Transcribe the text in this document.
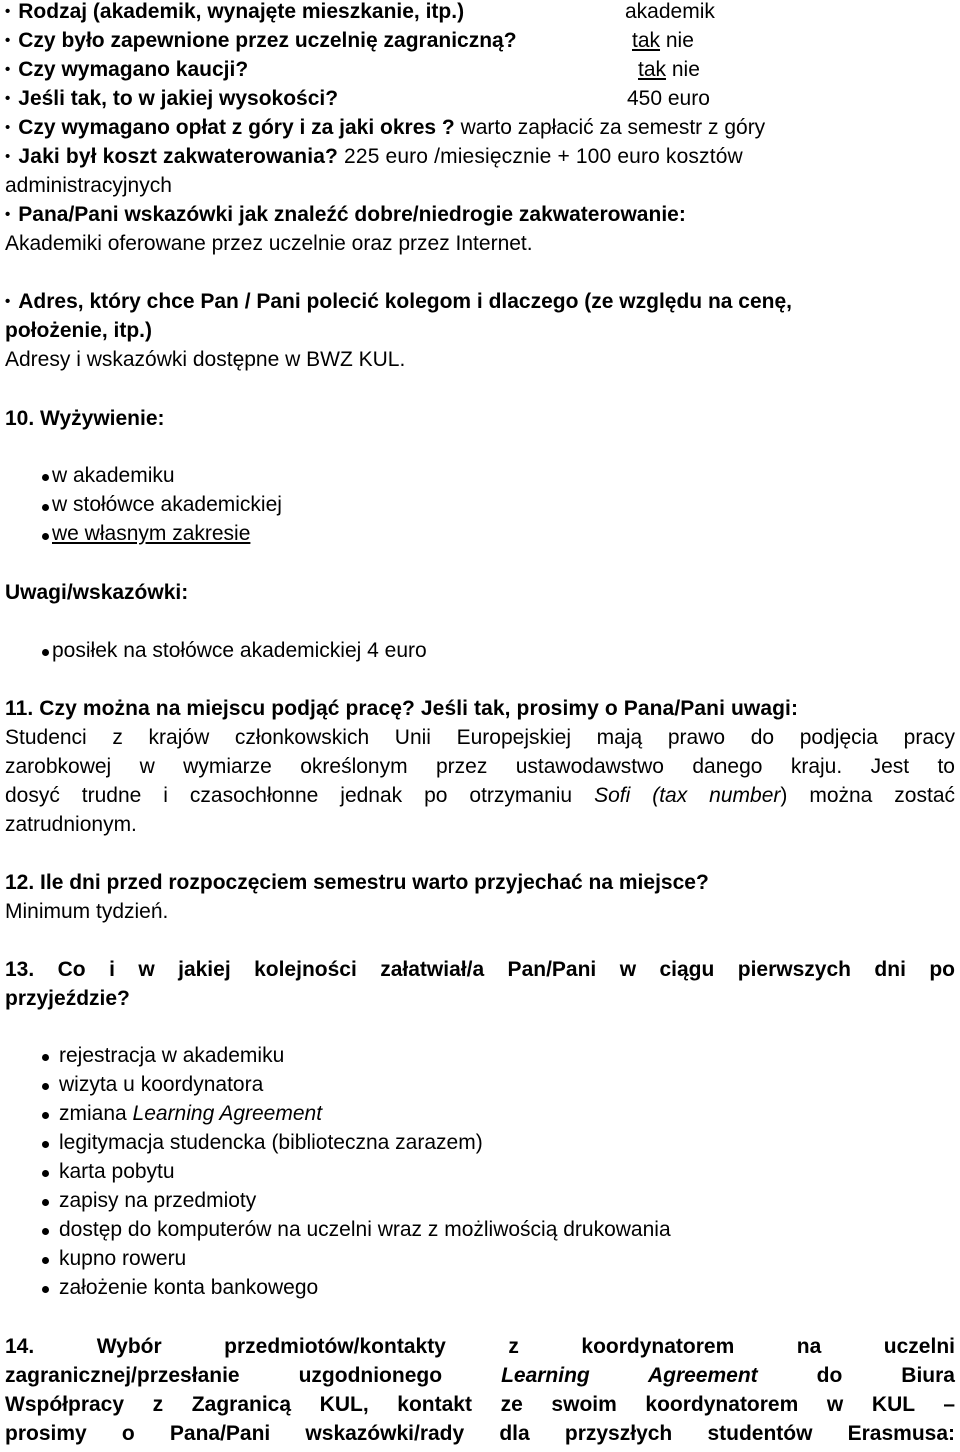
• Rodzaj (akademik, wynajęte mieszkanie, itp.)	akademik
• Czy było zapewnione przez uczelnię zagraniczną?	tak nie
• Czy wymagano kaucji?	tak nie
• Jeśli tak, to w jakiej wysokości?	450 euro
• Czy wymagano opłat z góry i za jaki okres ? warto zapłacić za semestr z góry
• Jaki był koszt zakwaterowania? 225 euro /miesięcznie + 100 euro kosztów
administracyjnych
• Pana/Pani wskazówki jak znaleźć dobre/niedrogie zakwaterowanie:
Akademiki oferowane przez uczelnie oraz przez Internet.
• Adres, który chce Pan / Pani polecić kolegom i dlaczego (ze względu na cenę,
położenie, itp.)
Adresy i wskazówki dostępne w BWZ KUL.
10. Wyżywienie:
w akademiku
w stołówce akademickiej
we własnym zakresie
Uwagi/wskazówki:
posiłek na stołówce akademickiej 4 euro
11. Czy można na miejscu podjąć pracę? Jeśli tak, prosimy o Pana/Pani uwagi:
Studenci z krajów członkowskich Unii Europejskiej mają prawo do podjęcia pracy
zarobkowej w wymiarze określonym przez ustawodawstwo danego kraju. Jest to
dosyć trudne i czasochłonne jednak po otrzymaniu Sofi (tax number) można zostać
zatrudnionym.
12. Ile dni przed rozpoczęciem semestru warto przyjechać na miejsce?
Minimum tydzień.
13. Co i w jakiej kolejności załatwiał/a Pan/Pani w ciągu pierwszych dni po
przyjeździe?
rejestracja w akademiku
wizyta u koordynatora
zmiana Learning Agreement
legitymacja studencka (biblioteczna zarazem)
karta pobytu
zapisy na przedmioty
dostęp do komputerów na uczelni wraz z możliwością drukowania
kupno roweru
założenie konta bankowego
14. Wybór przedmiotów/kontakty z koordynatorem na uczelni
zagranicznej/przesłanie uzgodnionego	Learning Agreement	do Biura
Współpracy z Zagranicą KUL, kontakt ze swoim koordynatorem w KUL –
prosimy o Pana/Pani wskazówki/rady dla przyszłych studentów Erasmusa:
